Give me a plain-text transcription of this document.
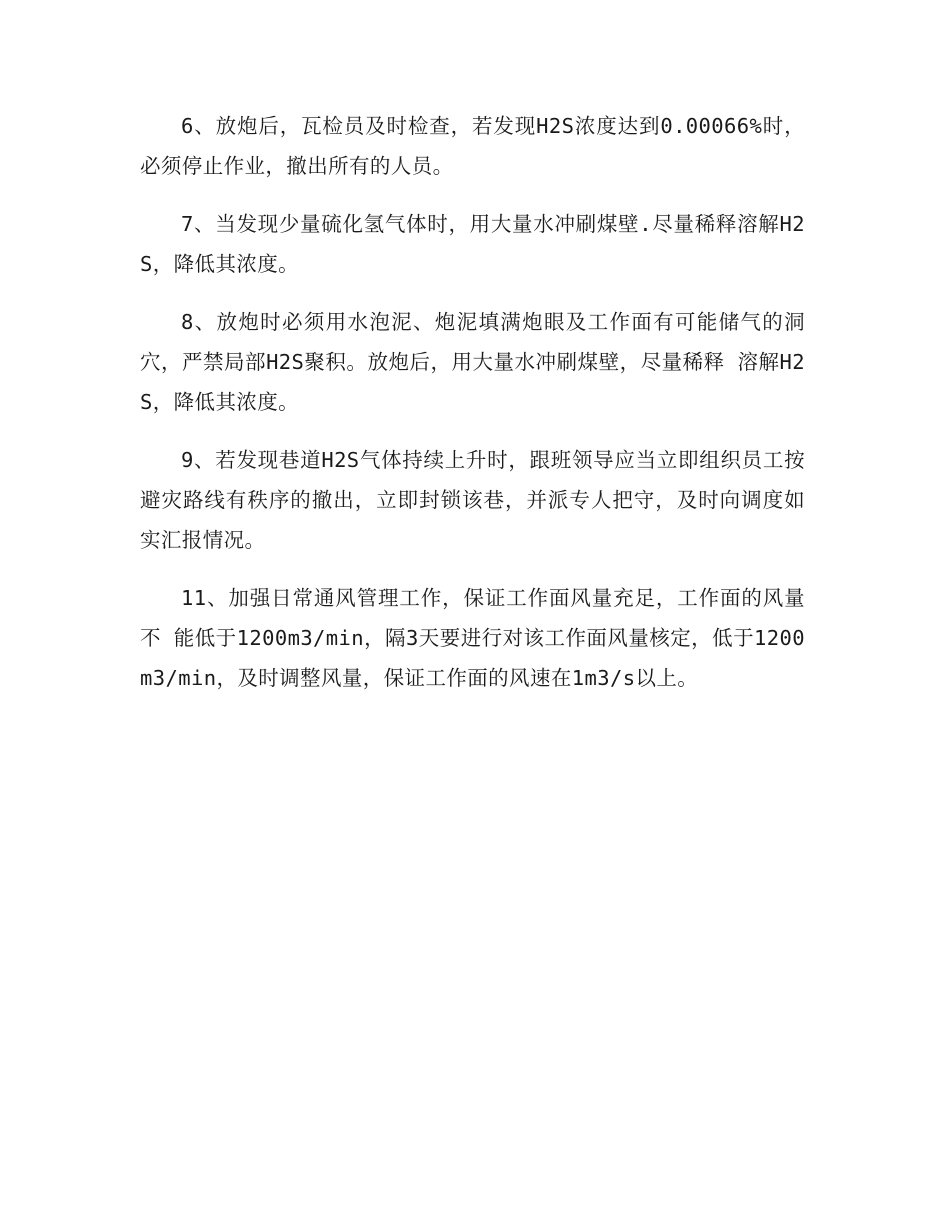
6、放炮后，瓦检员及时检查，若发现H2S浓度达到0.00066%时，必须停止作业，撤出所有的人员。

7、当发现少量硫化氢气体时，用大量水冲刷煤壁.尽量稀释溶解H2S，降低其浓度。

8、放炮时必须用水泡泥、炮泥填满炮眼及工作面有可能储气的洞穴，严禁局部H2S聚积。放炮后，用大量水冲刷煤壁，尽量稀释 溶解H2S，降低其浓度。

9、若发现巷道H2S气体持续上升时，跟班领导应当立即组织员工按避灾路线有秩序的撤出，立即封锁该巷，并派专人把守，及时向调度如实汇报情况。

11、加强日常通风管理工作，保证工作面风量充足，工作面的风量不 能低于1200m3/min，隔3天要进行对该工作面风量核定，低于1200 m3/min，及时调整风量，保证工作面的风速在1m3/s以上。
